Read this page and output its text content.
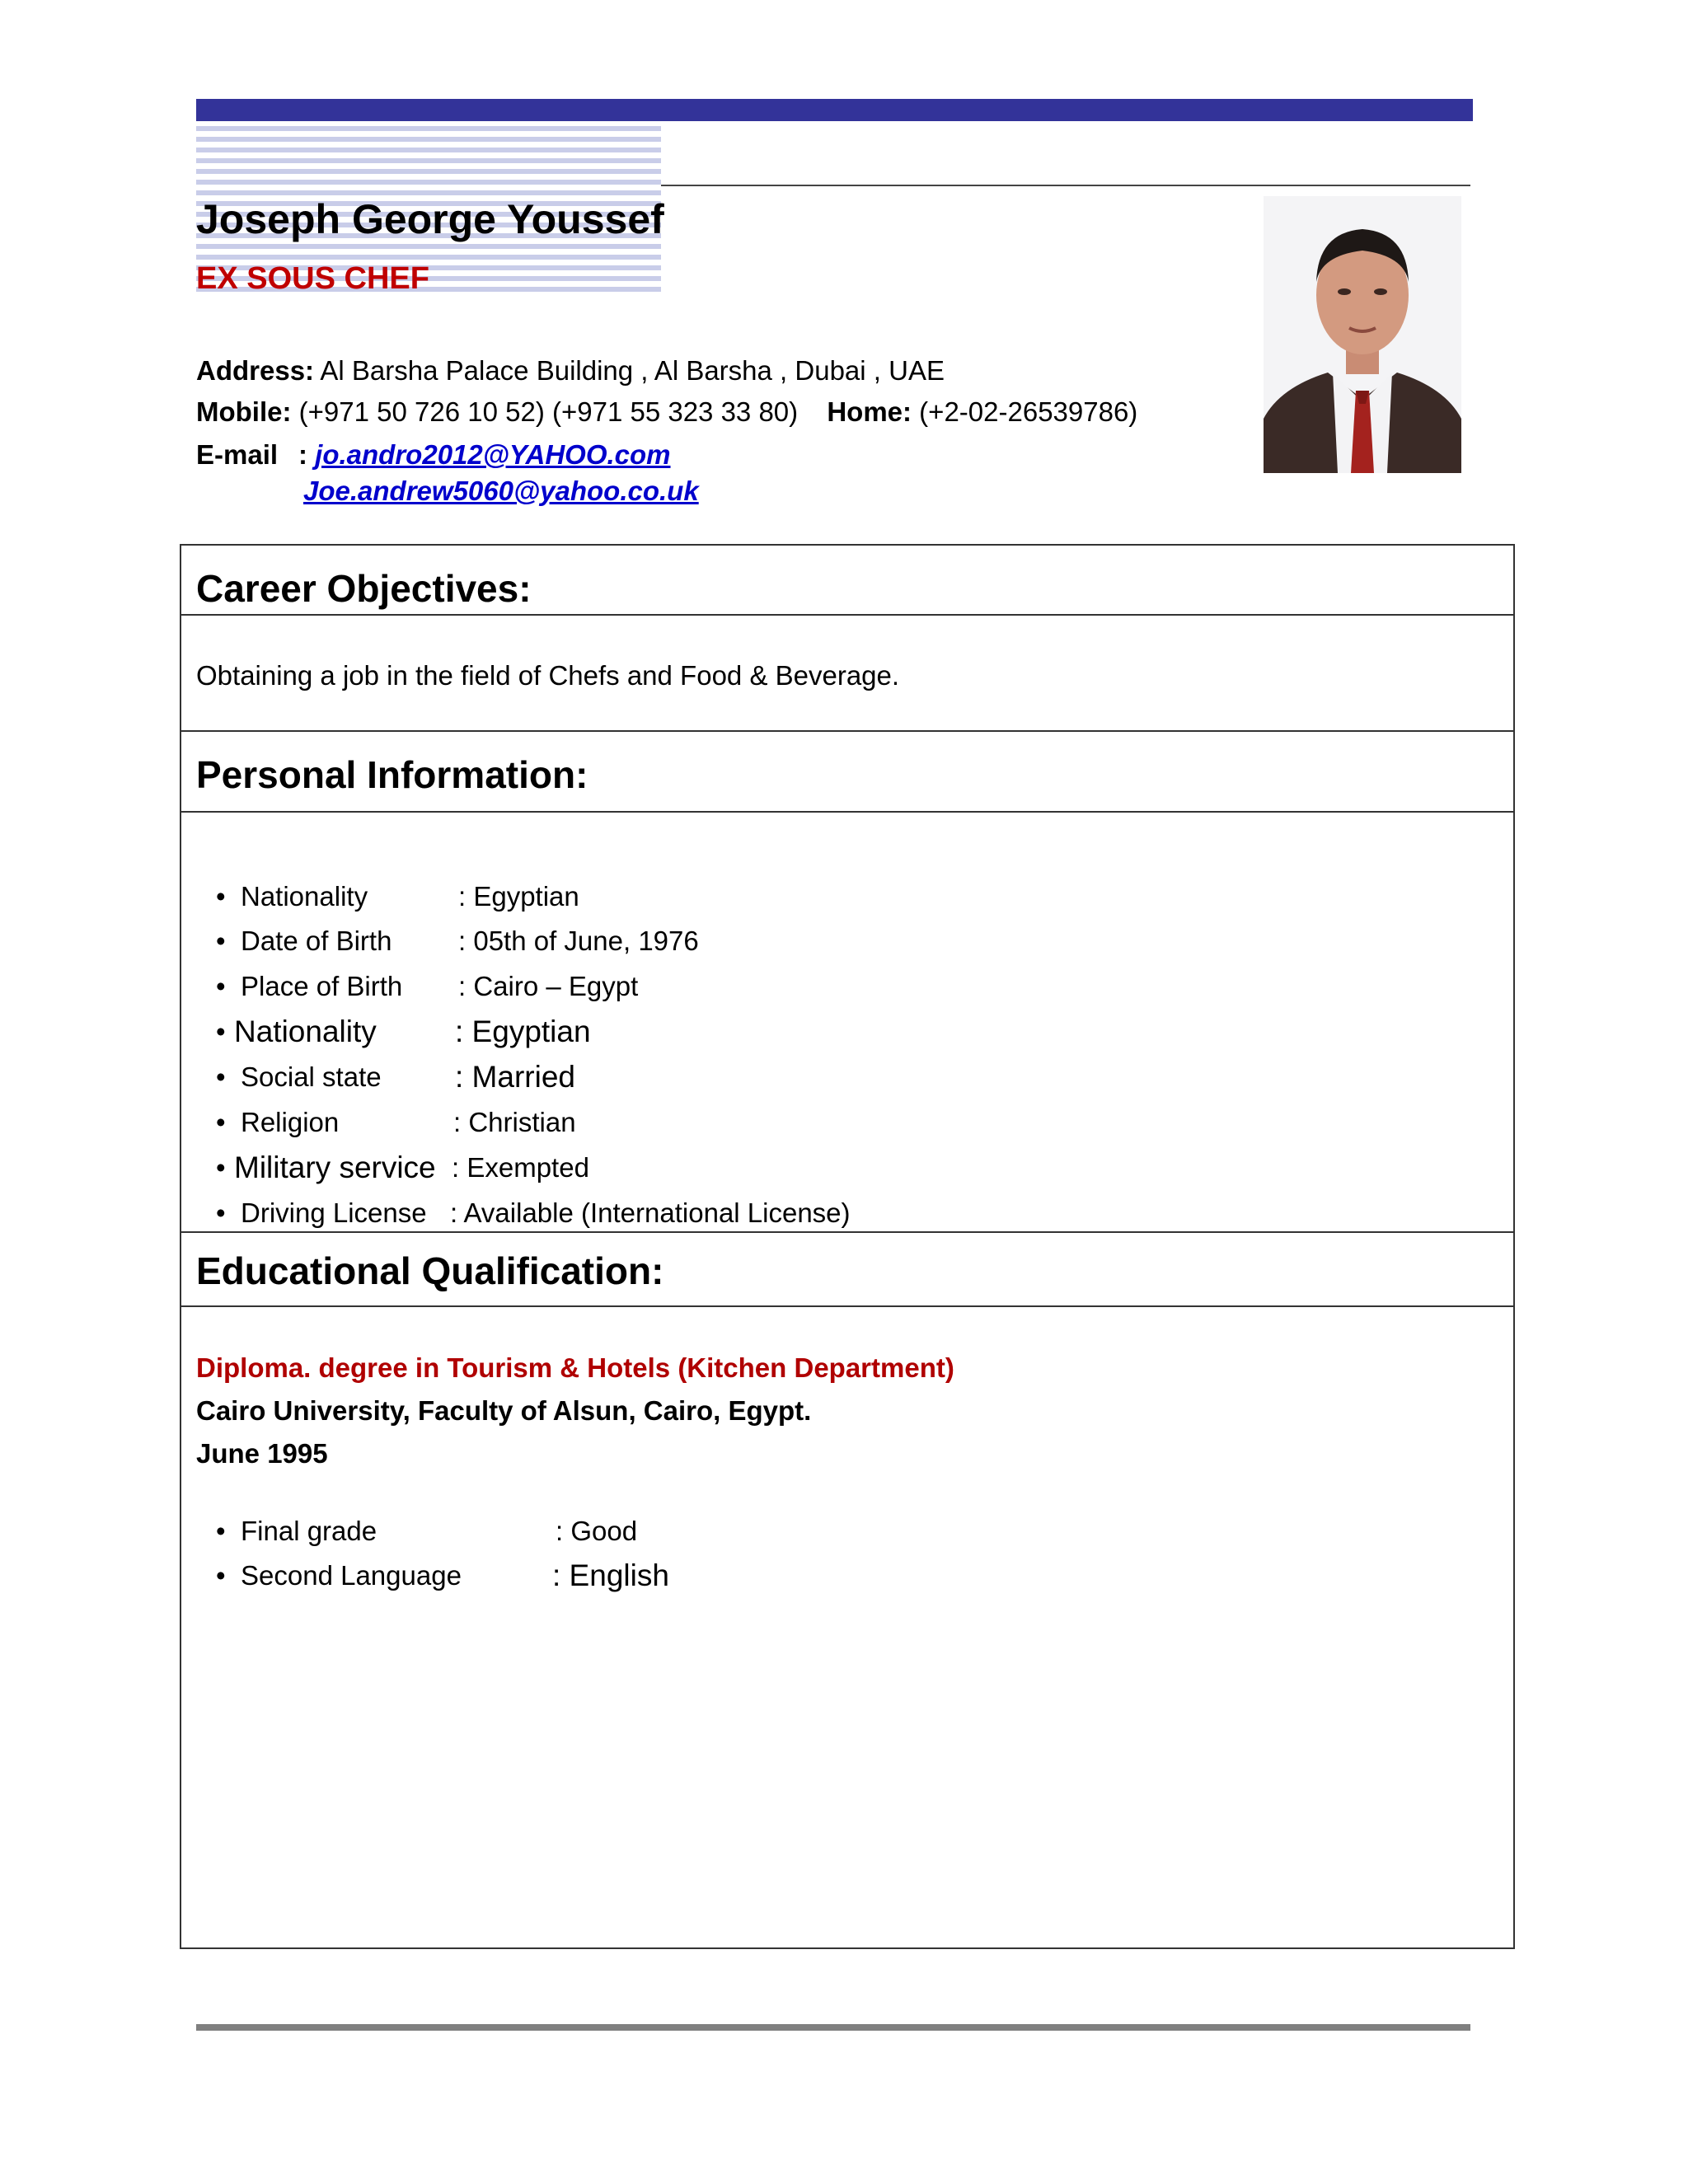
Joseph George Youssef
EX SOUS CHEF
Address: Al Barsha Palace Building , Al Barsha , Dubai , UAE
Mobile: (+971 50 726 10 52) (+971 55 323 33 80) Home: (+2-02-26539786)
E-mail : jo.andro2012@YAHOO.com
Joe.andrew5060@yahoo.co.uk
Career Objectives:
Obtaining a job in the field of Chefs and Food & Beverage.
Personal Information:
• Nationality	: Egyptian
• Date of Birth : 05th of June, 1976
• Place of Birth : Cairo – Egypt
• Nationality	: Egyptian
• Social state : Married
• Religion	: Christian
• Military service : Exempted
• Driving License : Available (International License)
Educational Qualification:
Diploma. degree in Tourism & Hotels (Kitchen Department)
Cairo University, Faculty of Alsun, Cairo, Egypt.
June 1995
• Final grade	: Good
• Second Language	: English
